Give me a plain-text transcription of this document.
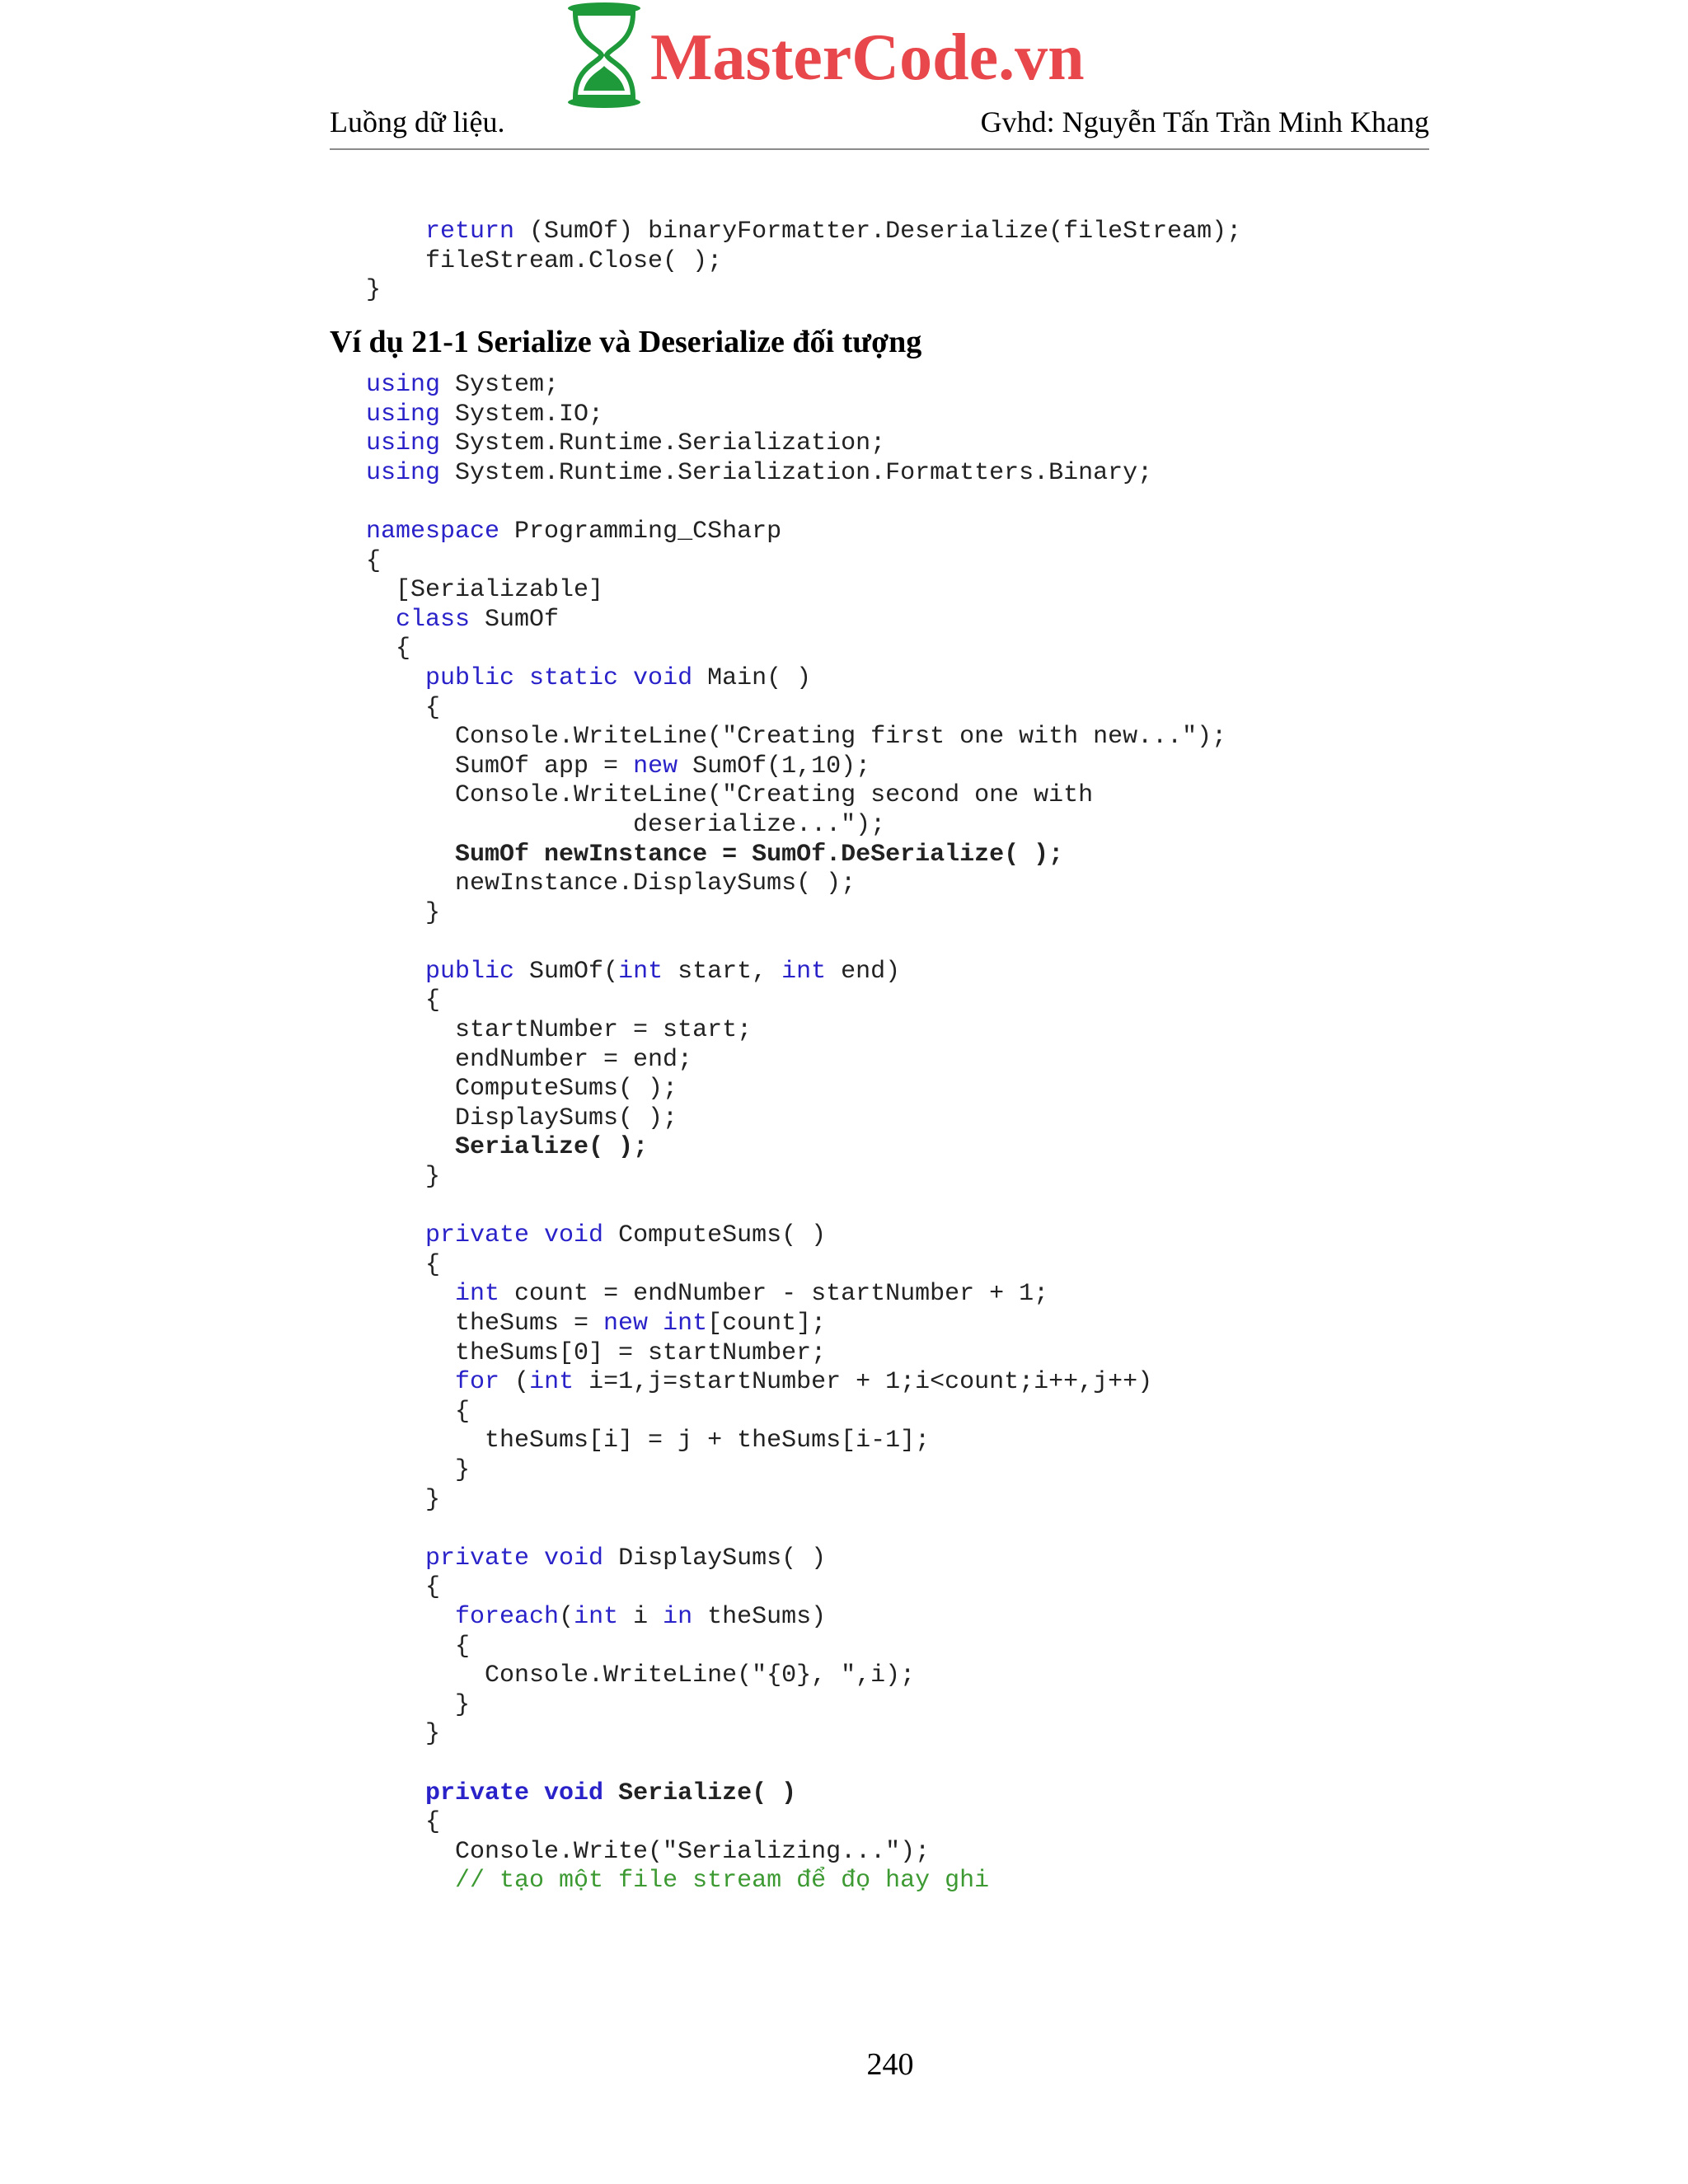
MasterCode.vn
Luồng dữ liệu.	Gvhd: Nguyễn Tấn Trần Minh Khang
return (SumOf) binaryFormatter.Deserialize(fileStream);
fileStream.Close( );
}
Ví dụ 21-1 Serialize và Deserialize đối tượng
using System;
using System.IO;
using System.Runtime.Serialization;
using System.Runtime.Serialization.Formatters.Binary;
namespace Programming_CSharp
{
[Serializable]
class SumOf
{
public static void Main( )
{
Console.WriteLine("Creating first one with new...");
SumOf app = new SumOf(1,10);
Console.WriteLine("Creating second one with
deserialize...");
SumOf newInstance = SumOf.DeSerialize( );
newInstance.DisplaySums( );
}
public SumOf(int start, int end)
{
startNumber = start;
endNumber = end;
ComputeSums( );
DisplaySums( );
Serialize( );
}
private void ComputeSums( )
{
int count = endNumber - startNumber + 1;
theSums = new int[count];
theSums[0] = startNumber;
for (int i=1,j=startNumber + 1;i<count;i++,j++)
{
theSums[i] = j + theSums[i-1];
}
}
private void DisplaySums( )
{
foreach(int i in theSums)
{
Console.WriteLine("{0}, ",i);
}
}
private void Serialize( )
{
Console.Write("Serializing...");
// tạo một file stream để đọ hay ghi
240
